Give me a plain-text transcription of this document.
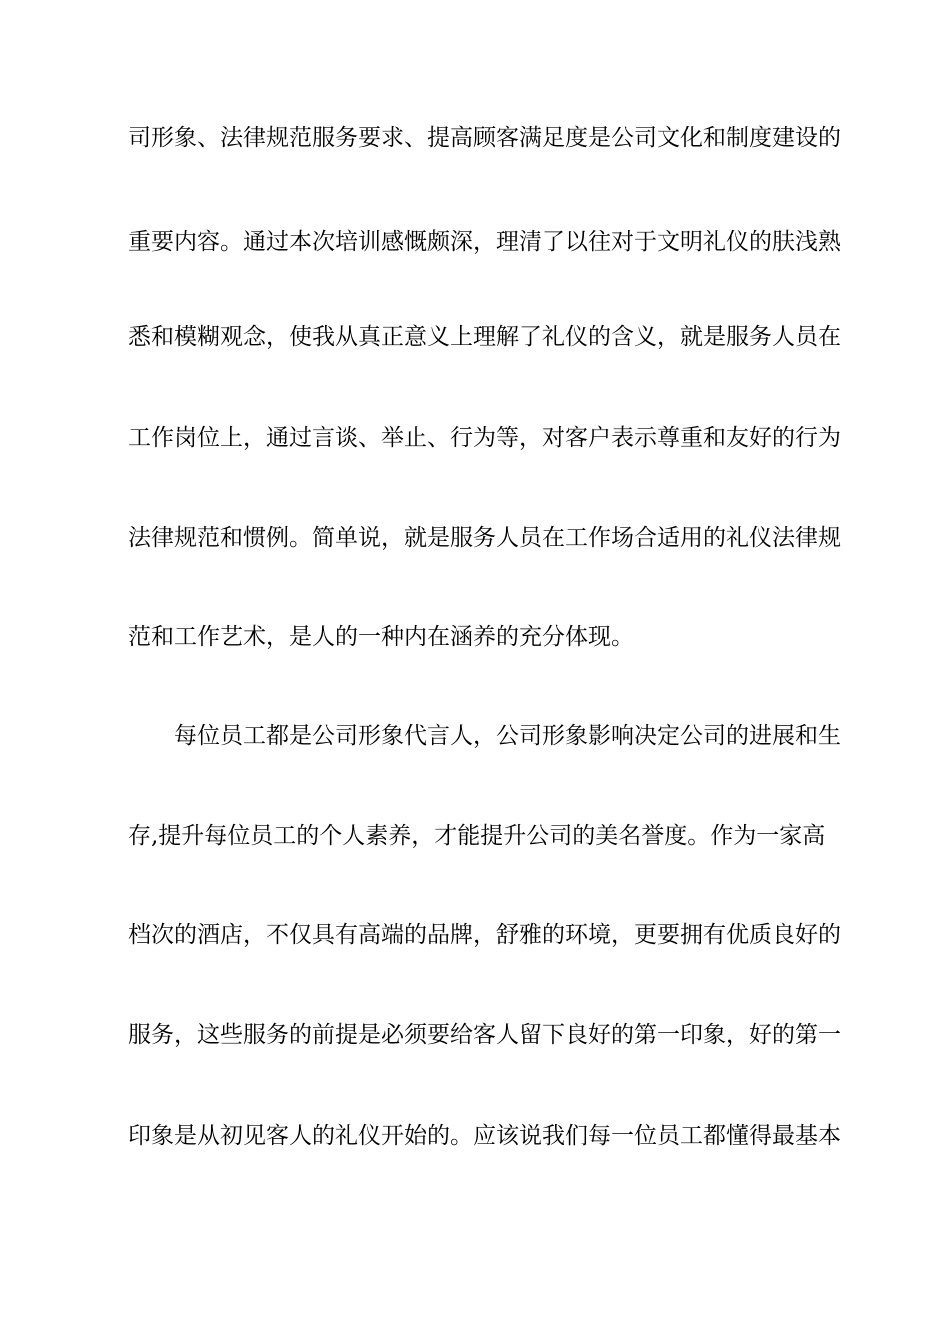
司形象、法律规范服务要求、提高顾客满足度是公司文化和制度建设的
重要内容。通过本次培训感慨颇深，理清了以往对于文明礼仪的肤浅熟
悉和模糊观念，使我从真正意义上理解了礼仪的含义，就是服务人员在
工作岗位上，通过言谈、举止、行为等，对客户表示尊重和友好的行为
法律规范和惯例。简单说，就是服务人员在工作场合适用的礼仪法律规
范和工作艺术，是人的一种内在涵养的充分体现。
每位员工都是公司形象代言人，公司形象影响决定公司的进展和生
存,提升每位员工的个人素养，才能提升公司的美名誉度。作为一家高
档次的酒店，不仅具有高端的品牌，舒雅的环境，更要拥有优质良好的
服务，这些服务的前提是必须要给客人留下良好的第一印象，好的第一
印象是从初见客人的礼仪开始的。应该说我们每一位员工都懂得最基本
